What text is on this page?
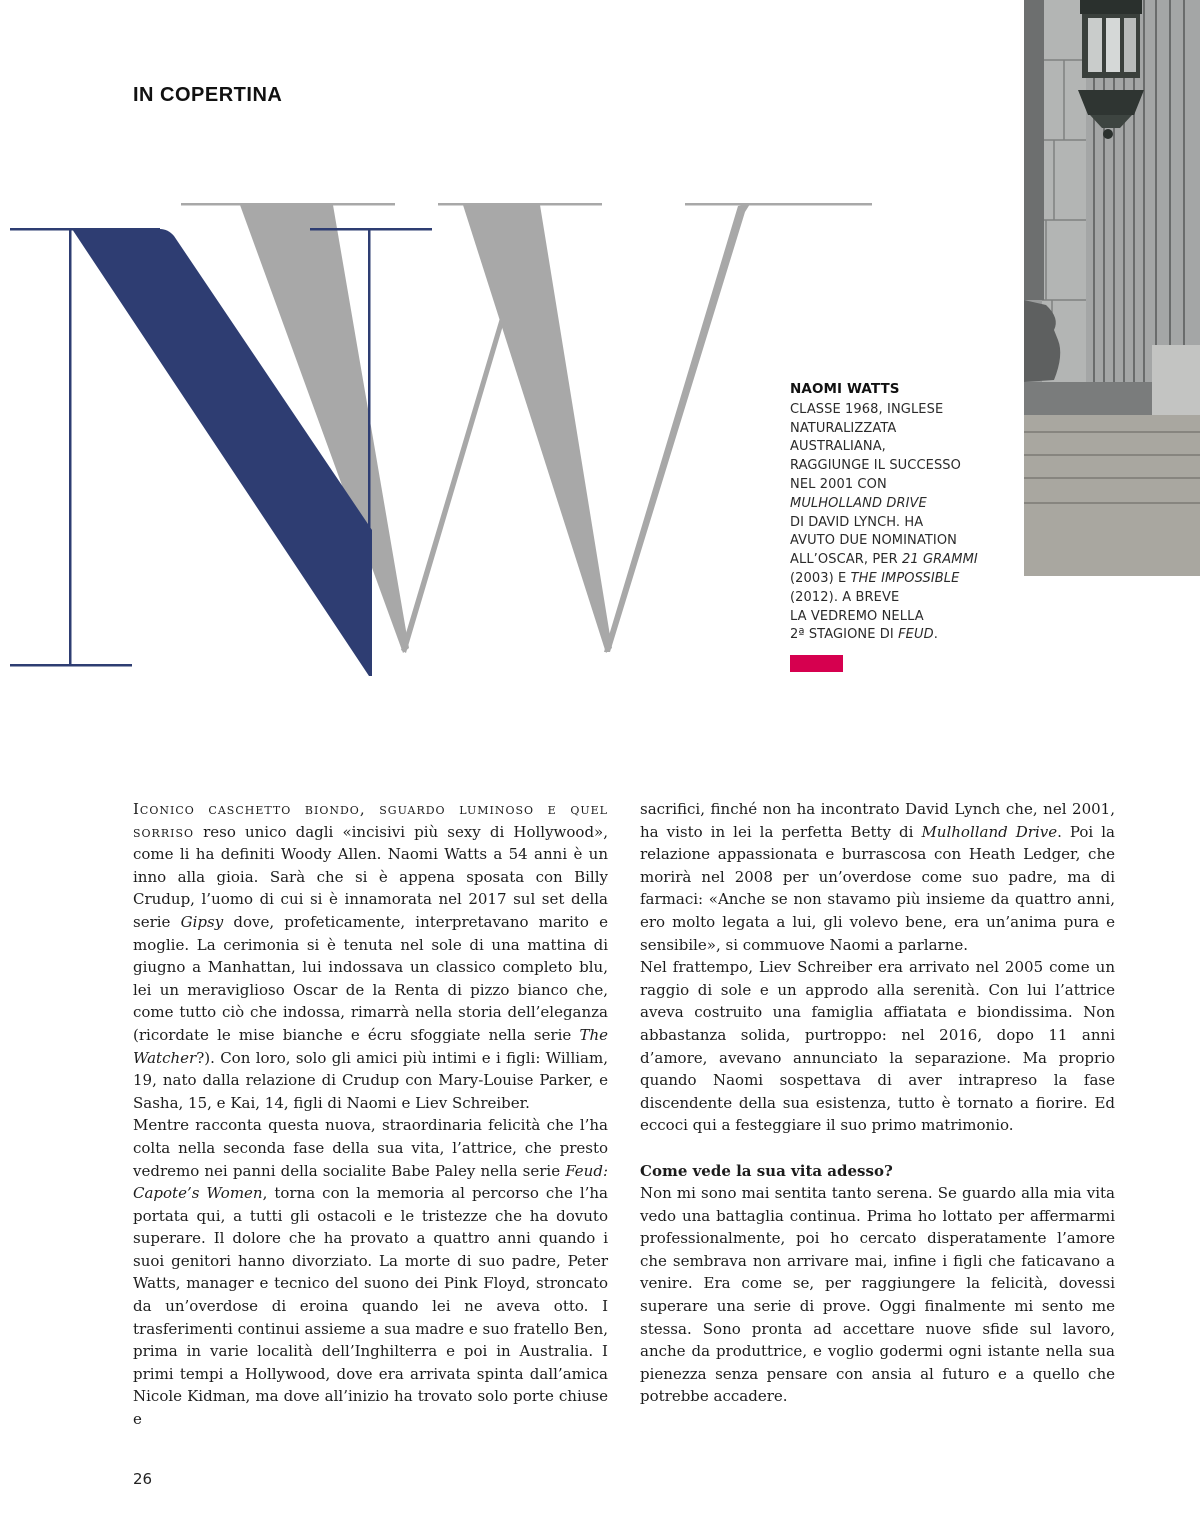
IN COPERTINA
NAOMI WATTS
CLASSE 1968, INGLESE
NATURALIZZATA
AUSTRALIANA,
RAGGIUNGE IL SUCCESSO
NEL 2001 CON
MULHOLLAND DRIVE
DI DAVID LYNCH. HA
AVUTO DUE NOMINATION
ALL’OSCAR, PER 21 GRAMMI
(2003) E THE IMPOSSIBLE
(2012). A BREVE
LA VEDREMO NELLA
2ª STAGIONE DI FEUD.

Iconico caschetto biondo, sguardo luminoso e quel sorriso reso unico dagli «incisivi più sexy di Hollywood», come li ha definiti Woody Allen. Naomi Watts a 54 anni è un inno alla gioia. Sarà che si è appena sposata con Billy Crudup, l’uomo di cui si è innamorata nel 2017 sul set della serie Gipsy dove, profeticamente, interpretavano marito e moglie. La cerimonia si è tenuta nel sole di una mattina di giugno a Manhattan, lui indossava un classico completo blu, lei un meraviglioso Oscar de la Renta di pizzo bianco che, come tutto ciò che indossa, rimarrà nella storia dell’eleganza (ricordate le mise bianche e écru sfoggiate nella serie The Watcher?). Con loro, solo gli amici più intimi e i figli: William, 19, nato dalla relazione di Crudup con Mary-Louise Parker, e Sasha, 15, e Kai, 14, figli di Naomi e Liev Schreiber.

Mentre racconta questa nuova, straordinaria felicità che l’ha colta nella seconda fase della sua vita, l’attrice, che presto vedremo nei panni della socialite Babe Paley nella serie Feud: Capote’s Women, torna con la memoria al percorso che l’ha portata qui, a tutti gli ostacoli e le tristezze che ha dovuto superare. Il dolore che ha provato a quattro anni quando i suoi genitori hanno divorziato. La morte di suo padre, Peter Watts, manager e tecnico del suono dei Pink Floyd, stroncato da un’overdose di eroina quando lei ne aveva otto. I trasferimenti continui assieme a sua madre e suo fratello Ben, prima in varie località dell’Inghilterra e poi in Australia. I primi tempi a Hollywood, dove era arrivata spinta dall’amica Nicole Kidman, ma dove all’inizio ha trovato solo porte chiuse e

sacrifici, finché non ha incontrato David Lynch che, nel 2001, ha visto in lei la perfetta Betty di Mulholland Drive. Poi la relazione appassionata e burrascosa con Heath Ledger, che morirà nel 2008 per un’overdose come suo padre, ma di farmaci: «Anche se non stavamo più insieme da quattro anni, ero molto legata a lui, gli volevo bene, era un’anima pura e sensibile», si commuove Naomi a parlarne.

Nel frattempo, Liev Schreiber era arrivato nel 2005 come un raggio di sole e un approdo alla serenità. Con lui l’attrice aveva costruito una famiglia affiatata e biondissima. Non abbastanza solida, purtroppo: nel 2016, dopo 11 anni d’amore, avevano annunciato la separazione. Ma proprio quando Naomi sospettava di aver intrapreso la fase discendente della sua esistenza, tutto è tornato a fiorire. Ed eccoci qui a festeggiare il suo primo matrimonio.

Come vede la sua vita adesso?

Non mi sono mai sentita tanto serena. Se guardo alla mia vita vedo una battaglia continua. Prima ho lottato per affermarmi professionalmente, poi ho cercato disperatamente l’amore che sembrava non arrivare mai, infine i figli che faticavano a venire. Era come se, per raggiungere la felicità, dovessi superare una serie di prove. Oggi finalmente mi sento me stessa. Sono pronta ad accettare nuove sfide sul lavoro, anche da produttrice, e voglio godermi ogni istante nella sua pienezza senza pensare con ansia al futuro e a quello che potrebbe accadere.

26
